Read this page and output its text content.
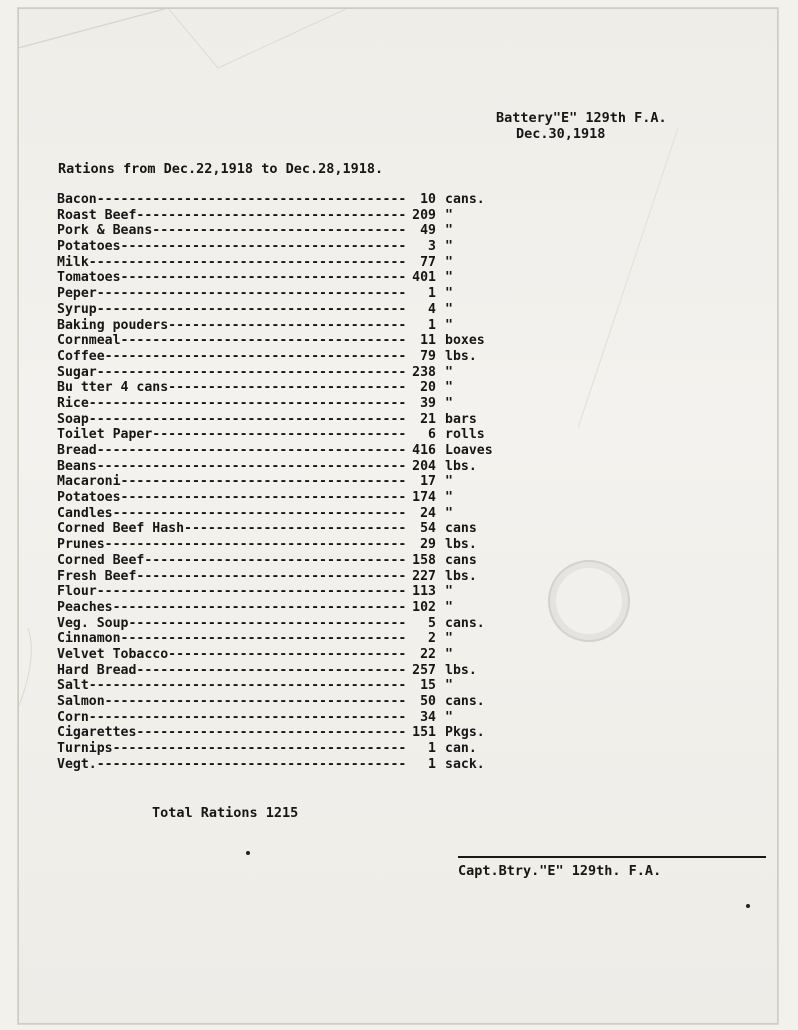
Battery"E" 129th F.A.
Dec.30,1918
Rations from Dec.22,1918 to Dec.28,1918.
Bacon -----	10 cans.
Roast Beef -----	209 "
Pork & Beans -----	49 "
Potatoes -----	3 "
Milk -----	77 "
Tomatoes -----	401 "
Peper -----	1 "
Syrup -----	4 "
Baking pouders -----	1 "
Cornmeal -----	11 boxes
Coffee -----	79 lbs.
Sugar -----	238 "
Bu tter 4 cans -----	20 "
Rice -----	39 "
Soap -----	21 bars
Toilet Paper -----	6 rolls
Bread -----	416 Loaves
Beans -----	204 lbs.
Macaroni -----	17 "
Potatoes -----	174 "
Candles -----	24 "
Corned Beef Hash -----	54 cans
Prunes -----	29 lbs.
Corned Beef -----	158 cans
Fresh Beef -----	227 lbs.
Flour -----	113 "
Peaches -----	102 "
Veg. Soup -----	5 cans.
Cinnamon -----	2 "
Velvet Tobacco -----	22 "
Hard Bread -----	257 lbs.
Salt -----	15 "
Salmon -----	50 cans.
Corn -----	34 "
Cigarettes -----	151 Pkgs.
Turnips -----	1 can.
Vegt. -----	1 sack.
Total Rations 1215
Capt.Btry."E" 129th. F.A.
